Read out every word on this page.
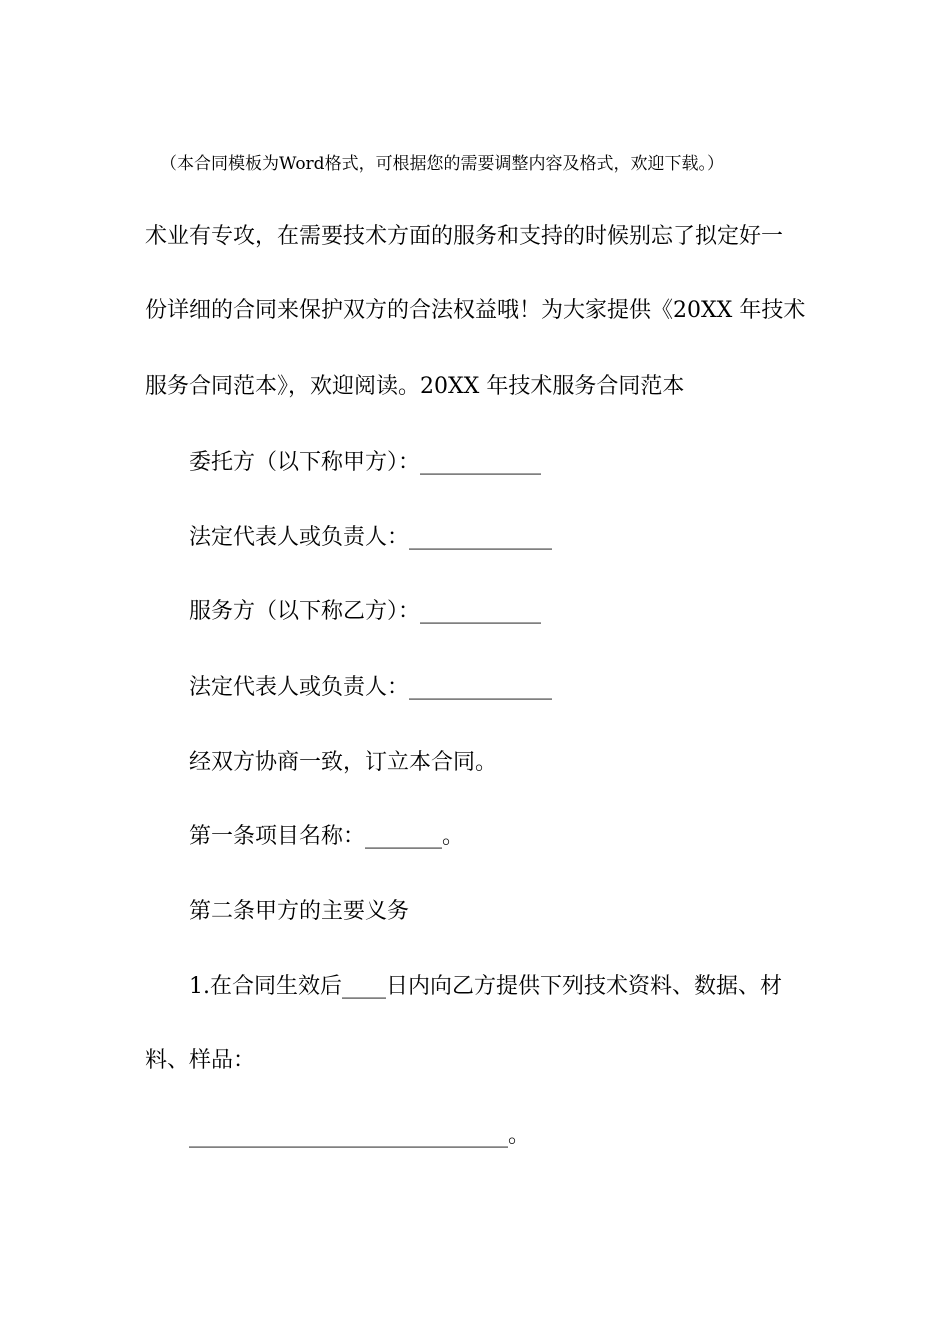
（本合同模板为Word格式，可根据您的需要调整内容及格式，欢迎下载。）
术业有专攻，在需要技术方面的服务和支持的时候别忘了拟定好一
份详细的合同来保护双方的合法权益哦！为大家提供《20XX 年技术
服务合同范本》，欢迎阅读。20XX 年技术服务合同范本
委托方（以下称甲方）：___________
法定代表人或负责人：_____________
服务方（以下称乙方）：___________
法定代表人或负责人：_____________
经双方协商一致，订立本合同。
第一条项目名称：_______。
第二条甲方的主要义务
1.在合同生效后____日内向乙方提供下列技术资料、数据、材
料、样品：
_____________________________。
